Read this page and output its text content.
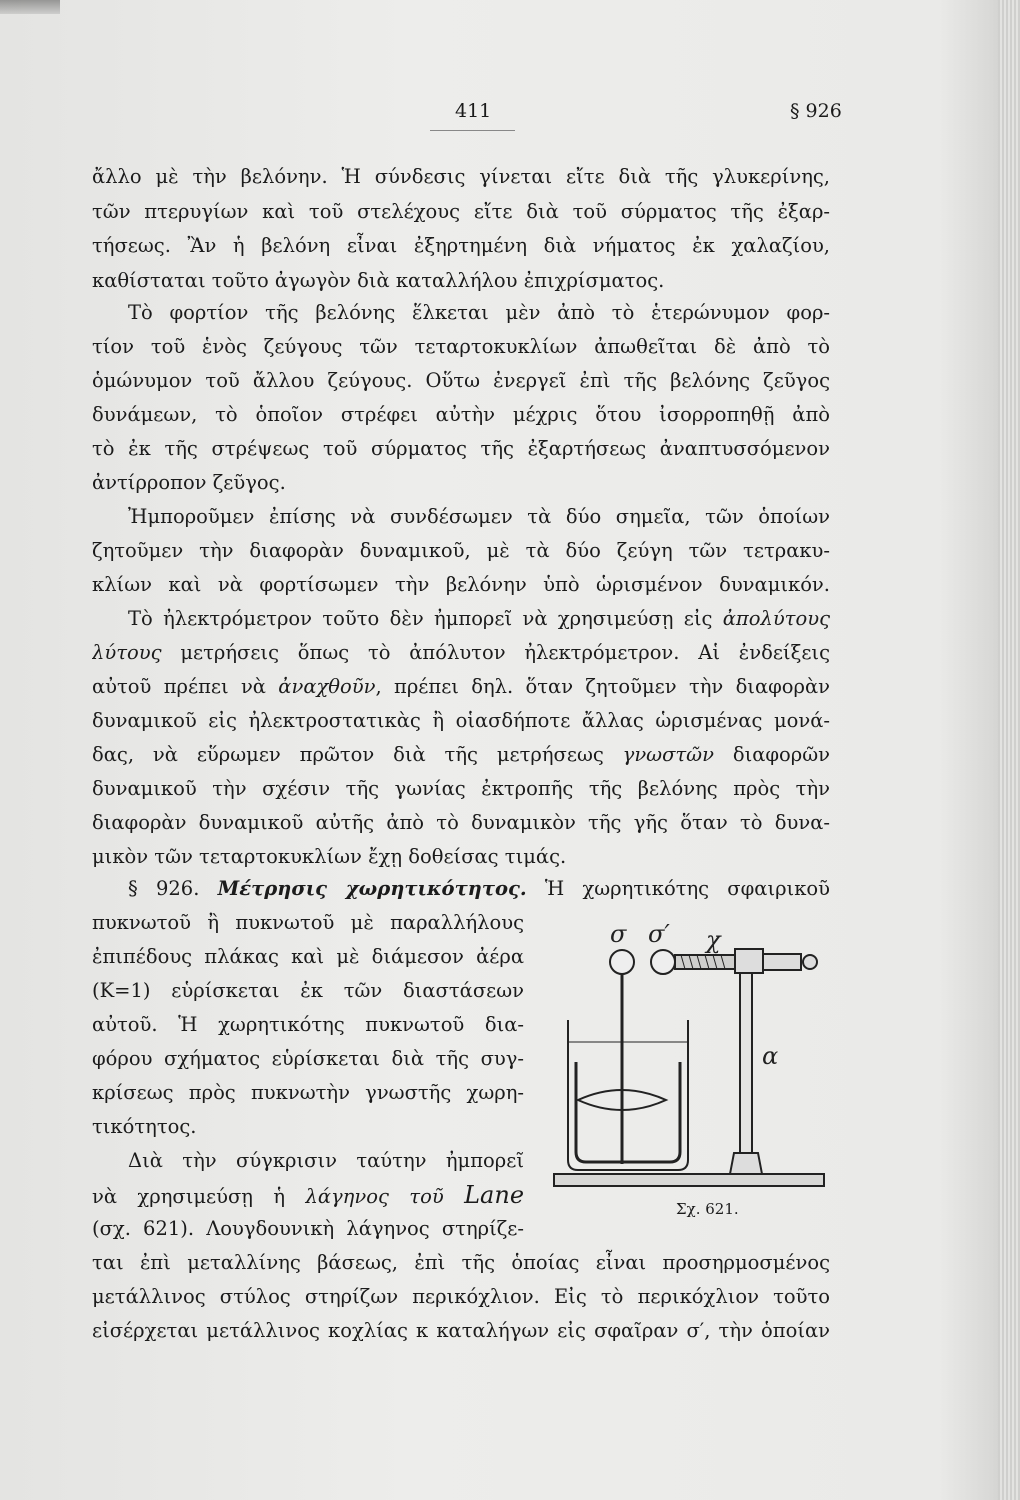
411	§ 926
ἄλλο μὲ τὴν βελόνην. Ἡ σύνδεσις γίνεται εἴτε διὰ τῆς γλυκερίνης,
τῶν πτερυγίων καὶ τοῦ στελέχους εἴτε διὰ τοῦ σύρματος τῆς ἐξαρ-
τήσεως. Ἂν ἡ βελόνη εἶναι ἐξηρτημένη διὰ νήματος ἐκ χαλαζίου,
καθίσταται τοῦτο ἀγωγὸν διὰ καταλλήλου ἐπιχρίσματος.
Τὸ φορτίον τῆς βελόνης ἕλκεται μὲν ἀπὸ τὸ ἑτερώνυμον φορ-
τίον τοῦ ἑνὸς ζεύγους τῶν τεταρτοκυκλίων ἀπωθεῖται δὲ ἀπὸ τὸ
ὁμώνυμον τοῦ ἄλλου ζεύγους. Οὕτω ἐνεργεῖ ἐπὶ τῆς βελόνης ζεῦγος
δυνάμεων, τὸ ὁποῖον στρέφει αὐτὴν μέχρις ὅτου ἰσορροπηθῇ ἀπὸ
τὸ ἐκ τῆς στρέψεως τοῦ σύρματος τῆς ἐξαρτήσεως ἀναπτυσσόμενον
ἀντίρροπον ζεῦγος.
Ἠμποροῦμεν ἐπίσης νὰ συνδέσωμεν τὰ δύο σημεῖα, τῶν ὁποίων
ζητοῦμεν τὴν διαφορὰν δυναμικοῦ, μὲ τὰ δύο ζεύγη τῶν τετρακυ-
κλίων καὶ νὰ φορτίσωμεν τὴν βελόνην ὑπὸ ὡρισμένον δυναμικόν.
Τὸ ἠλεκτρόμετρον τοῦτο δὲν ἠμπορεῖ νὰ χρησιμεύσῃ εἰς ἀπολύτους
λύτους μετρήσεις ὅπως τὸ ἀπόλυτον ἠλεκτρόμετρον. Αἱ ἐνδείξεις
αὐτοῦ πρέπει νὰ ἀναχθοῦν, πρέπει δηλ. ὅταν ζητοῦμεν τὴν διαφορὰν
δυναμικοῦ εἰς ἠλεκτροστατικὰς ἢ οἱασδήποτε ἄλλας ὡρισμένας μονά-
δας, νὰ εὕρωμεν πρῶτον διὰ τῆς μετρήσεως γνωστῶν διαφορῶν
δυναμικοῦ τὴν σχέσιν τῆς γωνίας ἐκτροπῆς τῆς βελόνης πρὸς τὴν
διαφορὰν δυναμικοῦ αὐτῆς ἀπὸ τὸ δυναμικὸν τῆς γῆς ὅταν τὸ δυνα-
μικὸν τῶν τεταρτοκυκλίων ἔχῃ δοθείσας τιμάς.
§ 926. Μέτρησις χωρητικότητος. Ἡ χωρητικότης σφαιρικοῦ
πυκνωτοῦ ἢ πυκνωτοῦ μὲ παραλλήλους
ἐπιπέδους πλάκας καὶ μὲ διάμεσον ἀέρα
(K=1) εὑρίσκεται ἐκ τῶν διαστάσεων
αὐτοῦ. Ἡ χωρητικότης πυκνωτοῦ δια-
φόρου σχήματος εὑρίσκεται διὰ τῆς συγ-
κρίσεως πρὸς πυκνωτὴν γνωστῆς χωρη-
τικότητος.
Διὰ τὴν σύγκρισιν ταύτην ἠμπορεῖ
νὰ χρησιμεύσῃ ἡ λάγηνος τοῦ Lane
(σχ. 621). Λουγδουνικὴ λάγηνος στηρίζε-
ται ἐπὶ μεταλλίνης βάσεως, ἐπὶ τῆς ὁποίας εἶναι προσηρμοσμένος
μετάλλινος στύλος στηρίζων περικόχλιον. Εἰς τὸ περικόχλιον τοῦτο
εἰσέρχεται μετάλλινος κοχλίας κ καταλήγων εἰς σφαῖραν σ′, τὴν ὁποίαν
σ σ′ χ
α
Σχ. 621.
